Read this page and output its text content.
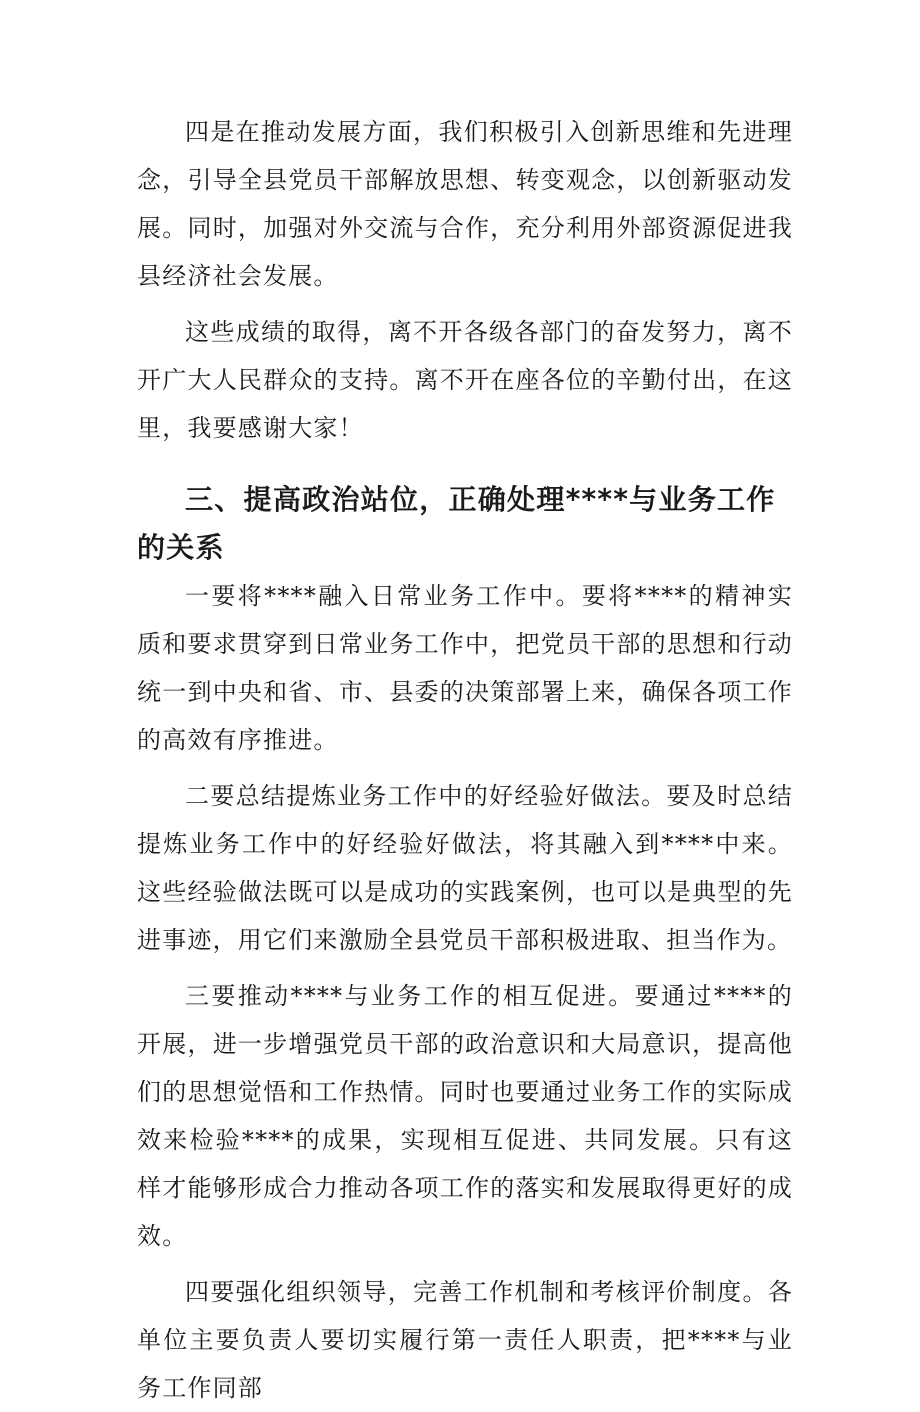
四是在推动发展方面，我们积极引入创新思维和先进理念，引导全县党员干部解放思想、转变观念，以创新驱动发展。同时，加强对外交流与合作，充分利用外部资源促进我县经济社会发展。

这些成绩的取得，离不开各级各部门的奋发努力，离不开广大人民群众的支持。离不开在座各位的辛勤付出，在这里，我要感谢大家！

三、提高政治站位，正确处理****与业务工作的关系

一要将****融入日常业务工作中。要将****的精神实质和要求贯穿到日常业务工作中，把党员干部的思想和行动统一到中央和省、市、县委的决策部署上来，确保各项工作的高效有序推进。

二要总结提炼业务工作中的好经验好做法。要及时总结提炼业务工作中的好经验好做法，将其融入到****中来。这些经验做法既可以是成功的实践案例，也可以是典型的先进事迹，用它们来激励全县党员干部积极进取、担当作为。

三要推动****与业务工作的相互促进。要通过****的开展，进一步增强党员干部的政治意识和大局意识，提高他们的思想觉悟和工作热情。同时也要通过业务工作的实际成效来检验****的成果，实现相互促进、共同发展。只有这样才能够形成合力推动各项工作的落实和发展取得更好的成效。

四要强化组织领导，完善工作机制和考核评价制度。各单位主要负责人要切实履行第一责任人职责，把****与业务工作同部
